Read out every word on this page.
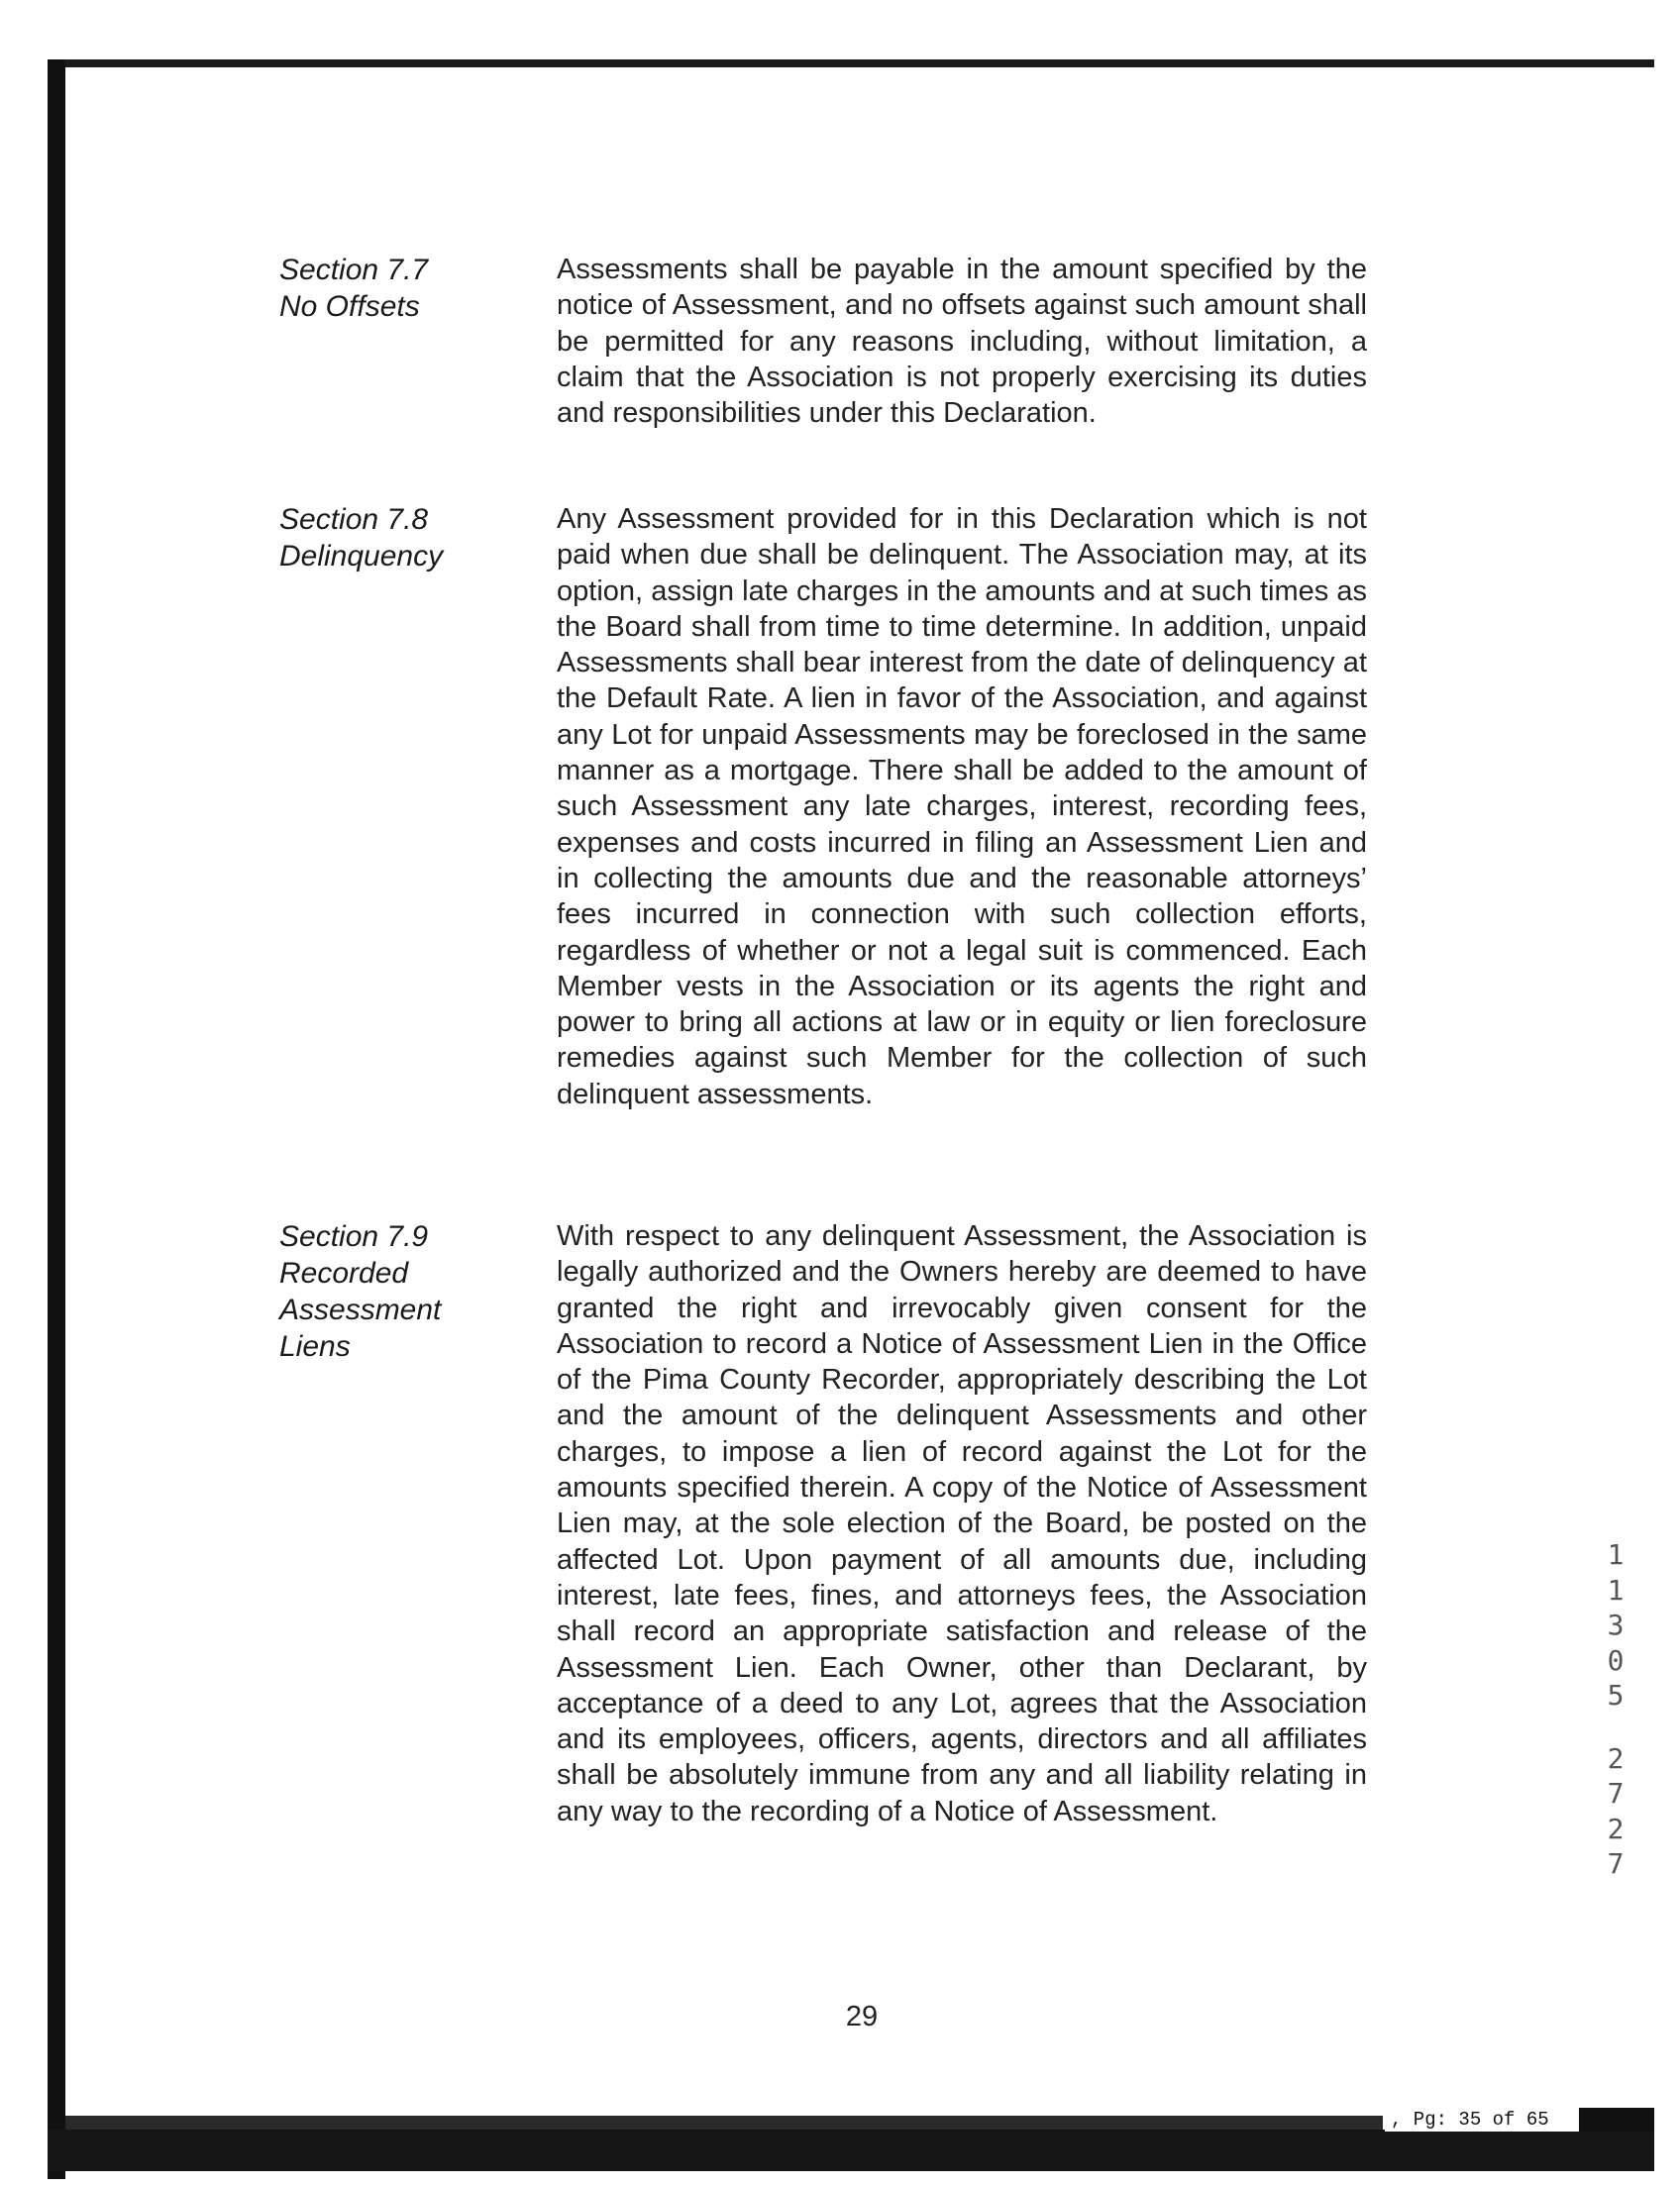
Section 7.7
No Offsets
Assessments shall be payable in the amount specified by the notice of Assessment, and no offsets against such amount shall be permitted for any reasons including, without limitation, a claim that the Association is not properly exercising its duties and responsibilities under this Declaration.
Section 7.8
Delinquency
Any Assessment provided for in this Declaration which is not paid when due shall be delinquent. The Association may, at its option, assign late charges in the amounts and at such times as the Board shall from time to time determine. In addition, unpaid Assessments shall bear interest from the date of delinquency at the Default Rate. A lien in favor of the Association, and against any Lot for unpaid Assessments may be foreclosed in the same manner as a mortgage. There shall be added to the amount of such Assessment any late charges, interest, recording fees, expenses and costs incurred in filing an Assessment Lien and in collecting the amounts due and the reasonable attorneys’ fees incurred in connection with such collection efforts, regardless of whether or not a legal suit is commenced. Each Member vests in the Association or its agents the right and power to bring all actions at law or in equity or lien foreclosure remedies against such Member for the collection of such delinquent assessments.
Section 7.9
Recorded
Assessment
Liens
With respect to any delinquent Assessment, the Association is legally authorized and the Owners hereby are deemed to have granted the right and irrevocably given consent for the Association to record a Notice of Assessment Lien in the Office of the Pima County Recorder, appropriately describing the Lot and the amount of the delinquent Assessments and other charges, to impose a lien of record against the Lot for the amounts specified therein. A copy of the Notice of Assessment Lien may, at the sole election of the Board, be posted on the affected Lot. Upon payment of all amounts due, including interest, late fees, fines, and attorneys fees, the Association shall record an appropriate satisfaction and release of the Assessment Lien. Each Owner, other than Declarant, by acceptance of a deed to any Lot, agrees that the Association and its employees, officers, agents, directors and all affiliates shall be absolutely immune from any and all liability relating in any way to the recording of a Notice of Assessment.
29
1
1
3
0
5
2
7
2
7
, Pg: 35 of 65
